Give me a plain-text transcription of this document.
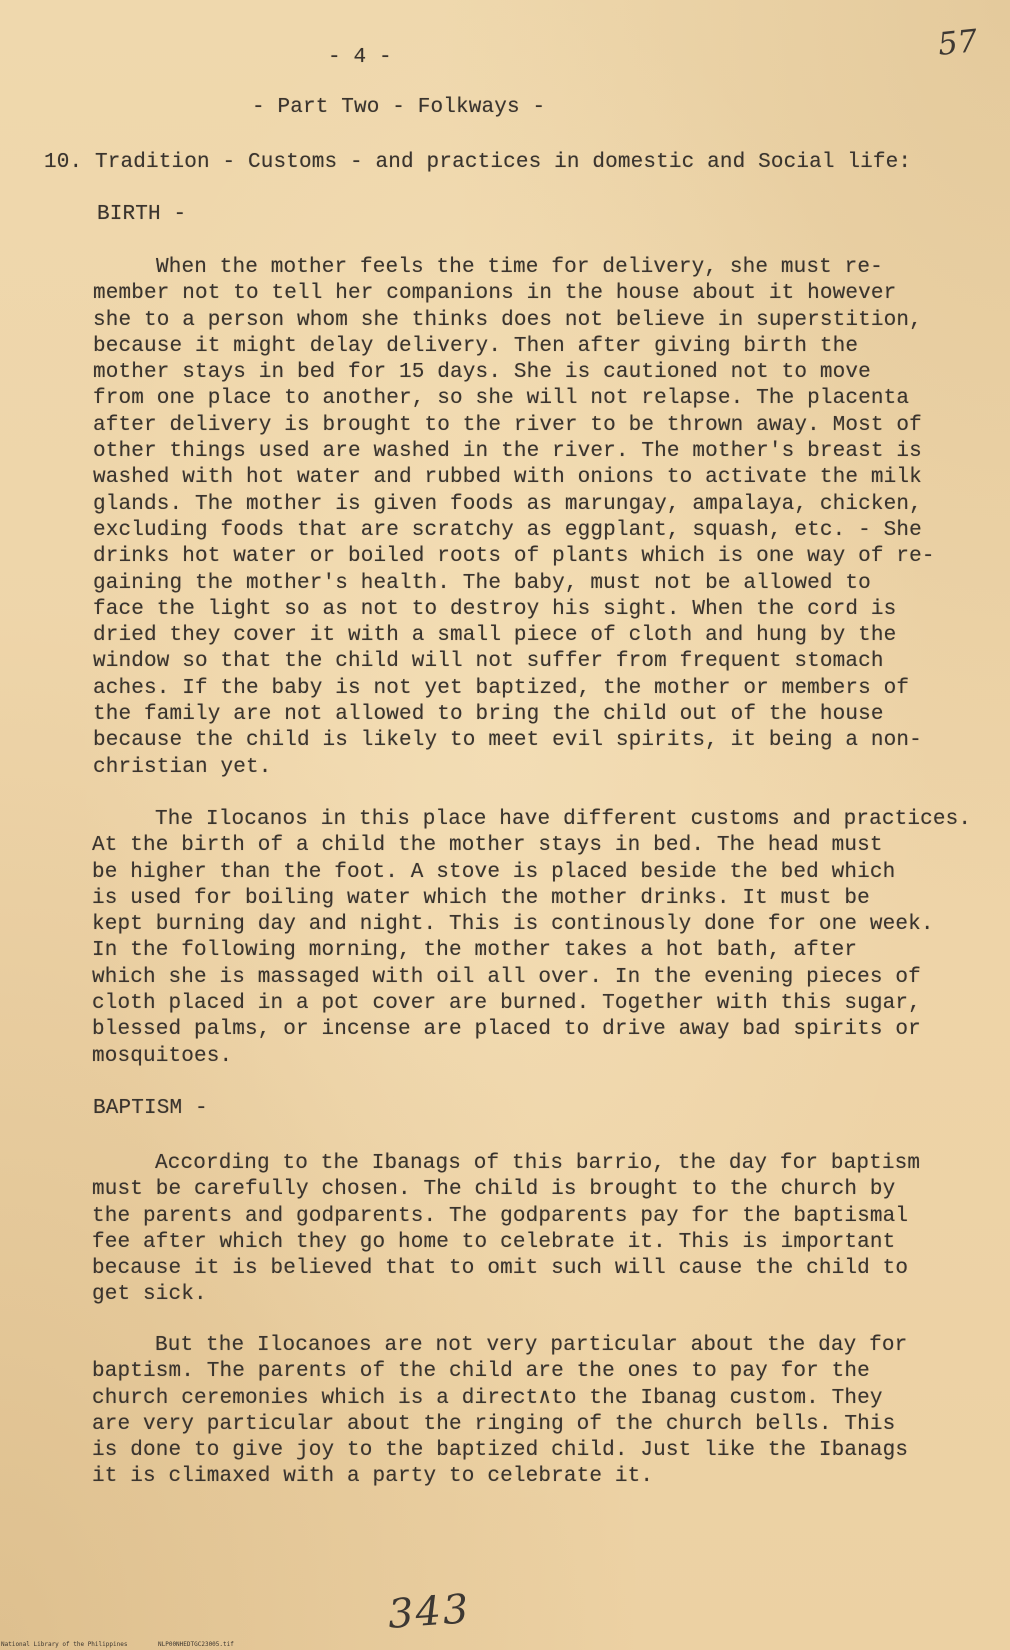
57
- 4 -
- Part Two - Folkways -
10. Tradition - Customs - and practices in domestic and Social life:
BIRTH -
When the mother feels the time for delivery, she must re-
member not to tell her companions in the house about it however
she to a person whom she thinks does not believe in superstition,
because it might delay delivery. Then after giving birth the
mother stays in bed for 15 days. She is cautioned not to move
from one place to another, so she will not relapse. The placenta
after delivery is brought to the river to be thrown away. Most of
other things used are washed in the river. The mother's breast is
washed with hot water and rubbed with onions to activate the milk
glands. The mother is given foods as marungay, ampalaya, chicken,
excluding foods that are scratchy as eggplant, squash, etc. - She
drinks hot water or boiled roots of plants which is one way of re-
gaining the mother's health. The baby, must not be allowed to
face the light so as not to destroy his sight. When the cord is
dried they cover it with a small piece of cloth and hung by the
window so that the child will not suffer from frequent stomach
aches. If the baby is not yet baptized, the mother or members of
the family are not allowed to bring the child out of the house
because the child is likely to meet evil spirits, it being a non-
christian yet.
The Ilocanos in this place have different customs and practices.
At the birth of a child the mother stays in bed. The head must
be higher than the foot. A stove is placed beside the bed which
is used for boiling water which the mother drinks. It must be
kept burning day and night. This is continously done for one week.
In the following morning, the mother takes a hot bath, after
which she is massaged with oil all over. In the evening pieces of
cloth placed in a pot cover are burned. Together with this sugar,
blessed palms, or incense are placed to drive away bad spirits or
mosquitoes.
BAPTISM -
According to the Ibanags of this barrio, the day for baptism
must be carefully chosen. The child is brought to the church by
the parents and godparents. The godparents pay for the baptismal
fee after which they go home to celebrate it. This is important
because it is believed that to omit such will cause the child to
get sick.
But the Ilocanoes are not very particular about the day for
baptism. The parents of the child are the ones to pay for the
church ceremonies which is a direct∧to the Ibanag custom. They
are very particular about the ringing of the church bells. This
is done to give joy to the baptized child. Just like the Ibanags
it is climaxed with a party to celebrate it.
343
National Library of the Philippines	NLP00NHEDTGC23005.tif
